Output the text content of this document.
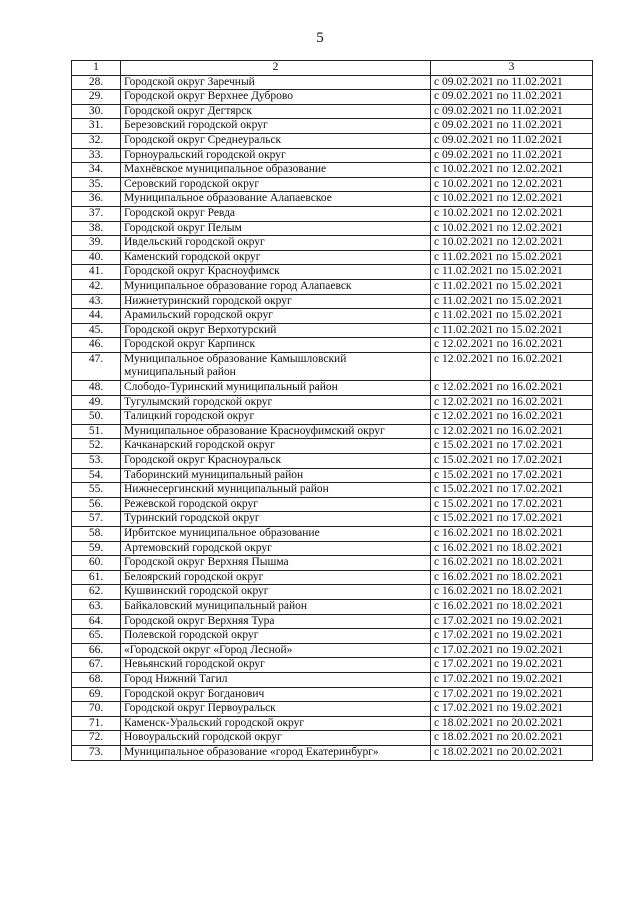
5
1	2	3
28.	Городской округ Заречный	с 09.02.2021 по 11.02.2021
29.	Городской округ Верхнее Дуброво	с 09.02.2021 по 11.02.2021
30.	Городской округ Дегтярск	с 09.02.2021 по 11.02.2021
31.	Березовский городской округ	с 09.02.2021 по 11.02.2021
32.	Городской округ Среднеуральск	с 09.02.2021 по 11.02.2021
33.	Горноуральский городской округ	с 09.02.2021 по 11.02.2021
34.	Махнёвское муниципальное образование	с 10.02.2021 по 12.02.2021
35.	Серовский городской округ	с 10.02.2021 по 12.02.2021
36.	Муниципальное образование Алапаевское	с 10.02.2021 по 12.02.2021
37.	Городской округ Ревда	с 10.02.2021 по 12.02.2021
38.	Городской округ Пелым	с 10.02.2021 по 12.02.2021
39.	Ивдельский городской округ	с 10.02.2021 по 12.02.2021
40.	Каменский городской округ	с 11.02.2021 по 15.02.2021
41.	Городской округ Красноуфимск	с 11.02.2021 по 15.02.2021
42.	Муниципальное образование город Алапаевск	с 11.02.2021 по 15.02.2021
43.	Нижнетуринский городской округ	с 11.02.2021 по 15.02.2021
44.	Арамильский городской округ	с 11.02.2021 по 15.02.2021
45.	Городской округ Верхотурский	с 11.02.2021 по 15.02.2021
46.	Городской округ Карпинск	с 12.02.2021 по 16.02.2021
47.	Муниципальное образование Камышловский муниципальный район	с 12.02.2021 по 16.02.2021
48.	Слободо-Туринский муниципальный район	с 12.02.2021 по 16.02.2021
49.	Тугулымский городской округ	с 12.02.2021 по 16.02.2021
50.	Талицкий городской округ	с 12.02.2021 по 16.02.2021
51.	Муниципальное образование Красноуфимский округ	с 12.02.2021 по 16.02.2021
52.	Качканарский городской округ	с 15.02.2021 по 17.02.2021
53.	Городской округ Красноуральск	с 15.02.2021 по 17.02.2021
54.	Таборинский муниципальный район	с 15.02.2021 по 17.02.2021
55.	Нижнесергинский муниципальный район	с 15.02.2021 по 17.02.2021
56.	Режевской городской округ	с 15.02.2021 по 17.02.2021
57.	Туринский городской округ	с 15.02.2021 по 17.02.2021
58.	Ирбитское муниципальное образование	с 16.02.2021 по 18.02.2021
59.	Артемовский городской округ	с 16.02.2021 по 18.02.2021
60.	Городской округ Верхняя Пышма	с 16.02.2021 по 18.02.2021
61.	Белоярский городской округ	с 16.02.2021 по 18.02.2021
62.	Кушвинский городской округ	с 16.02.2021 по 18.02.2021
63.	Байкаловский муниципальный район	с 16.02.2021 по 18.02.2021
64.	Городской округ Верхняя Тура	с 17.02.2021 по 19.02.2021
65.	Полевской городской округ	с 17.02.2021 по 19.02.2021
66.	«Городской округ «Город Лесной»	с 17.02.2021 по 19.02.2021
67.	Невьянский городской округ	с 17.02.2021 по 19.02.2021
68.	Город Нижний Тагил	с 17.02.2021 по 19.02.2021
69.	Городской округ Богданович	с 17.02.2021 по 19.02.2021
70.	Городской округ Первоуральск	с 17.02.2021 по 19.02.2021
71.	Каменск-Уральский городской округ	с 18.02.2021 по 20.02.2021
72.	Новоуральский городской округ	с 18.02.2021 по 20.02.2021
73.	Муниципальное образование «город Екатеринбург»	с 18.02.2021 по 20.02.2021
